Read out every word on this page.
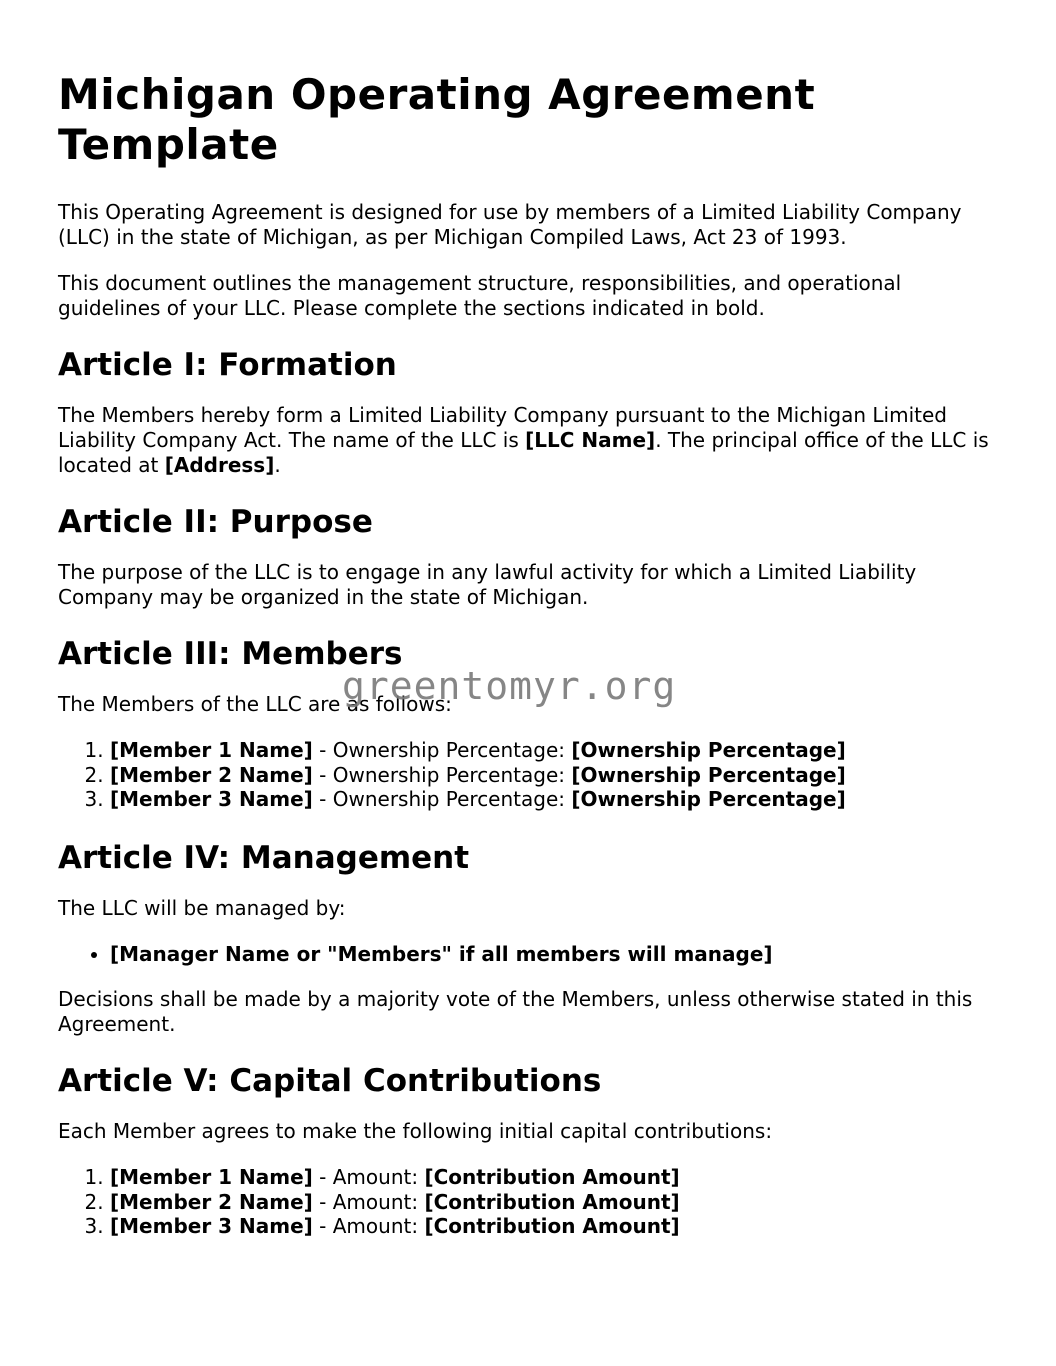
Michigan Operating Agreement Template

This Operating Agreement is designed for use by members of a Limited Liability Company (LLC) in the state of Michigan, as per Michigan Compiled Laws, Act 23 of 1993.

This document outlines the management structure, responsibilities, and operational guidelines of your LLC. Please complete the sections indicated in bold.

Article I: Formation

The Members hereby form a Limited Liability Company pursuant to the Michigan Limited Liability Company Act. The name of the LLC is [LLC Name]. The principal office of the LLC is located at [Address].

Article II: Purpose

The purpose of the LLC is to engage in any lawful activity for which a Limited Liability Company may be organized in the state of Michigan.

Article III: Members

The Members of the LLC are as follows:

1. [Member 1 Name] - Ownership Percentage: [Ownership Percentage]
2. [Member 2 Name] - Ownership Percentage: [Ownership Percentage]
3. [Member 3 Name] - Ownership Percentage: [Ownership Percentage]
Article IV: Management

The LLC will be managed by:

• [Manager Name or "Members" if all members will manage]

Decisions shall be made by a majority vote of the Members, unless otherwise stated in this Agreement.

Article V: Capital Contributions

Each Member agrees to make the following initial capital contributions:

1. [Member 1 Name] - Amount: [Contribution Amount]
2. [Member 2 Name] - Amount: [Contribution Amount]
3. [Member 3 Name] - Amount: [Contribution Amount]
greentomyr.org
